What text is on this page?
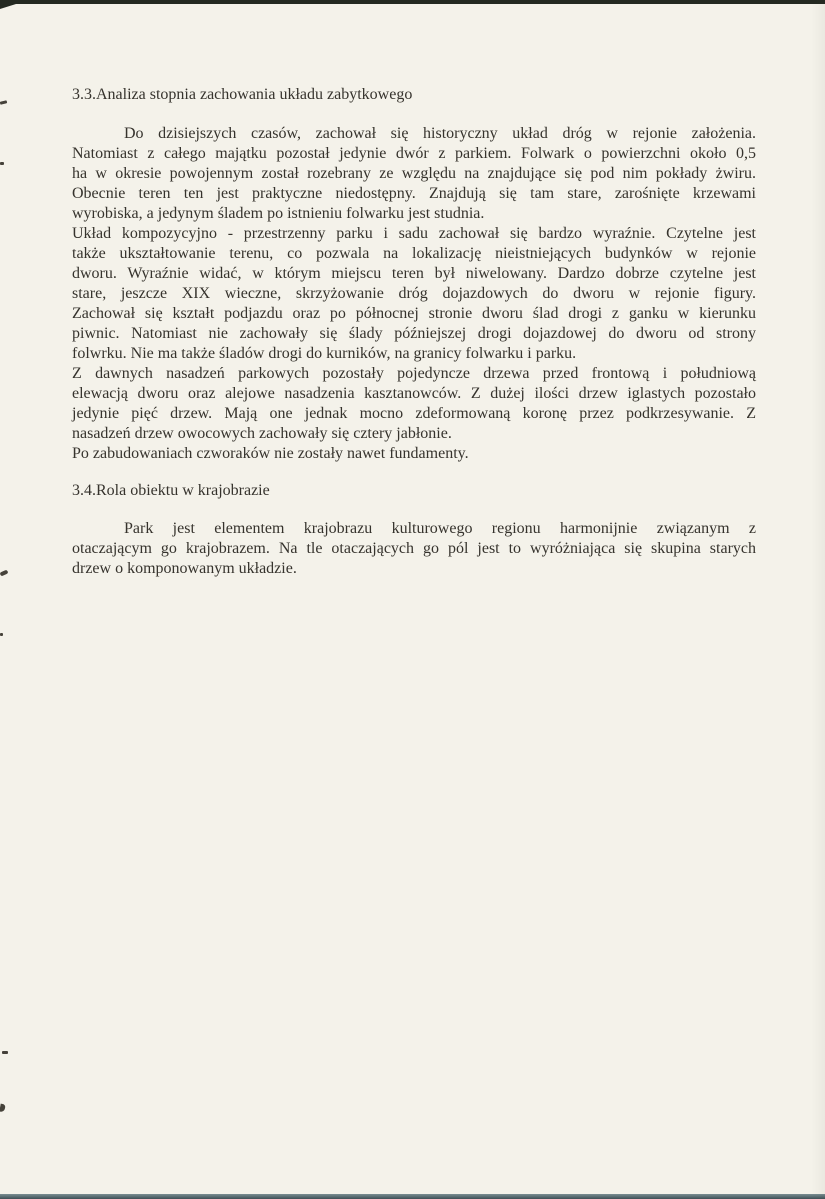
3.3.Analiza stopnia zachowania układu zabytkowego
Do dzisiejszych czasów, zachował się historyczny układ dróg w rejonie założenia.
Natomiast z całego majątku pozostał jedynie dwór z parkiem. Folwark o powierzchni około 0,5
ha w okresie powojennym został rozebrany ze względu na znajdujące się pod nim pokłady żwiru.
Obecnie teren ten jest praktyczne niedostępny. Znajdują się tam stare, zarośnięte krzewami
wyrobiska, a jedynym śladem po istnieniu folwarku jest studnia.
Układ kompozycyjno - przestrzenny parku i sadu zachował się bardzo wyraźnie. Czytelne jest
także ukształtowanie terenu, co pozwala na lokalizację nieistniejących budynków w rejonie
dworu. Wyraźnie widać, w którym miejscu teren był niwelowany. Dardzo dobrze czytelne jest
stare, jeszcze XIX wieczne, skrzyżowanie dróg dojazdowych do dworu w rejonie figury.
Zachował się kształt podjazdu oraz po północnej stronie dworu ślad drogi z ganku w kierunku
piwnic. Natomiast nie zachowały się ślady późniejszej drogi dojazdowej do dworu od strony
folwrku. Nie ma także śladów drogi do kurników, na granicy folwarku i parku.
Z dawnych nasadzeń parkowych pozostały pojedyncze drzewa przed frontową i południową
elewacją dworu oraz alejowe nasadzenia kasztanowców. Z dużej ilości drzew iglastych pozostało
jedynie pięć drzew. Mają one jednak mocno zdeformowaną koronę przez podkrzesywanie. Z
nasadzeń drzew owocowych zachowały się cztery jabłonie.
Po zabudowaniach czworaków nie zostały nawet fundamenty.
3.4.Rola obiektu w krajobrazie
Park jest elementem krajobrazu kulturowego regionu harmonijnie związanym z
otaczającym go krajobrazem. Na tle otaczających go pól jest to wyróżniająca się skupina starych
drzew o komponowanym układzie.
